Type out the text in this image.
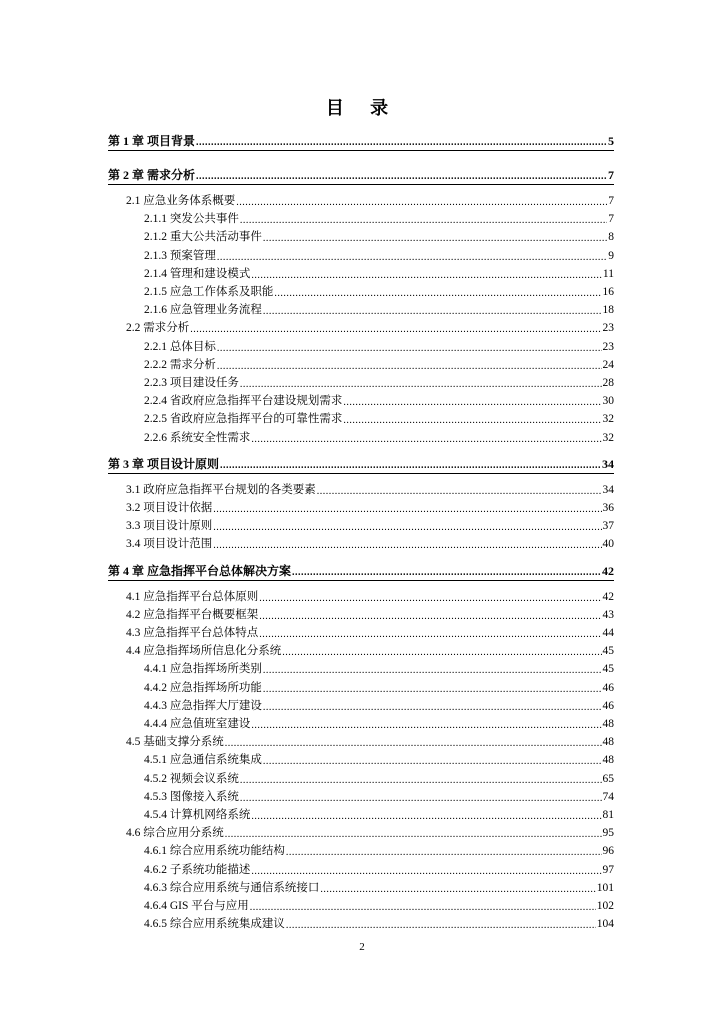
目 录
第 1 章 项目背景 .....	5
第 2 章 需求分析 .....	7
2.1 应急业务体系概要 .....	7
2.1.1 突发公共事件 .....	7
2.1.2 重大公共活动事件 .....	8
2.1.3 预案管理 .....	9
2.1.4 管理和建设模式 .....	11
2.1.5 应急工作体系及职能 .....	16
2.1.6 应急管理业务流程 .....	18
2.2 需求分析 .....	23
2.2.1 总体目标 .....	23
2.2.2 需求分析 .....	24
2.2.3 项目建设任务 .....	28
2.2.4 省政府应急指挥平台建设规划需求 .....	30
2.2.5 省政府应急指挥平台的可靠性需求 .....	32
2.2.6 系统安全性需求 .....	32
第 3 章 项目设计原则 .....	34
3.1 政府应急指挥平台规划的各类要素 .....	34
3.2 项目设计依据 .....	36
3.3 项目设计原则 .....	37
3.4 项目设计范围 .....	40
第 4 章 应急指挥平台总体解决方案 .....	42
4.1 应急指挥平台总体原则 .....	42
4.2 应急指挥平台概要框架 .....	43
4.3 应急指挥平台总体特点 .....	44
4.4 应急指挥场所信息化分系统 .....	45
4.4.1 应急指挥场所类别 .....	45
4.4.2 应急指挥场所功能 .....	46
4.4.3 应急指挥大厅建设 .....	46
4.4.4 应急值班室建设 .....	48
4.5 基础支撑分系统 .....	48
4.5.1 应急通信系统集成 .....	48
4.5.2 视频会议系统 .....	65
4.5.3 图像接入系统 .....	74
4.5.4 计算机网络系统 .....	81
4.6 综合应用分系统 .....	95
4.6.1 综合应用系统功能结构 .....	96
4.6.2 子系统功能描述 .....	97
4.6.3 综合应用系统与通信系统接口 .....	101
4.6.4 GIS 平台与应用 .....	102
4.6.5 综合应用系统集成建议 .....	104
2
